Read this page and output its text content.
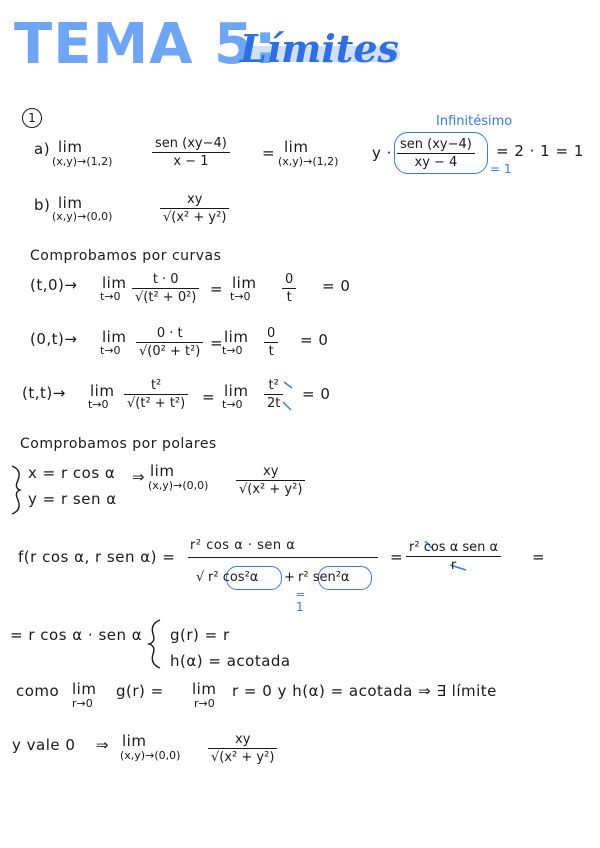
TEMA 5:
Límites
1
a) lim
(x,y)→(1,2)
sen (xy−4)
x − 1	= lim
(x,y)→(1,2) y · sen (xy−4)
xy − 4
= 2 · 1 = 1
Infinitésimo
= 1
b) lim
(x,y)→(0,0)
xy
√(x² + y²)
Comprobamos por curvas
(t,0)→ lim
t→0
t · 0
√(t² + 0²) = lim
t→0
0
t
= 0
(0,t)→ lim
t→0
0 · t
√(0² + t²) = lim
t→0
0
t
= 0
(t,t)→ lim
t→0
t²
√(t² + t²) = lim
t→0
t²
2t
= 0
Comprobamos por polares
x = r cos α
y = r sen α
⇒ lim
(x,y)→(0,0)
xy
√(x² + y²)
f(r cos α, r sen α) =
r² cos α · sen α
√ r² cos²α + r² sen²α
=
1
=
r² cos α sen α
r	=
= r cos α · sen α g(r) = r
h(α) = acotada
como lim
r→0
g(r) = lim
r→0
r = 0 y h(α) = acotada ⇒ ∃ límite
y vale 0 ⇒ lim
(x,y)→(0,0)
xy
√(x² + y²)
